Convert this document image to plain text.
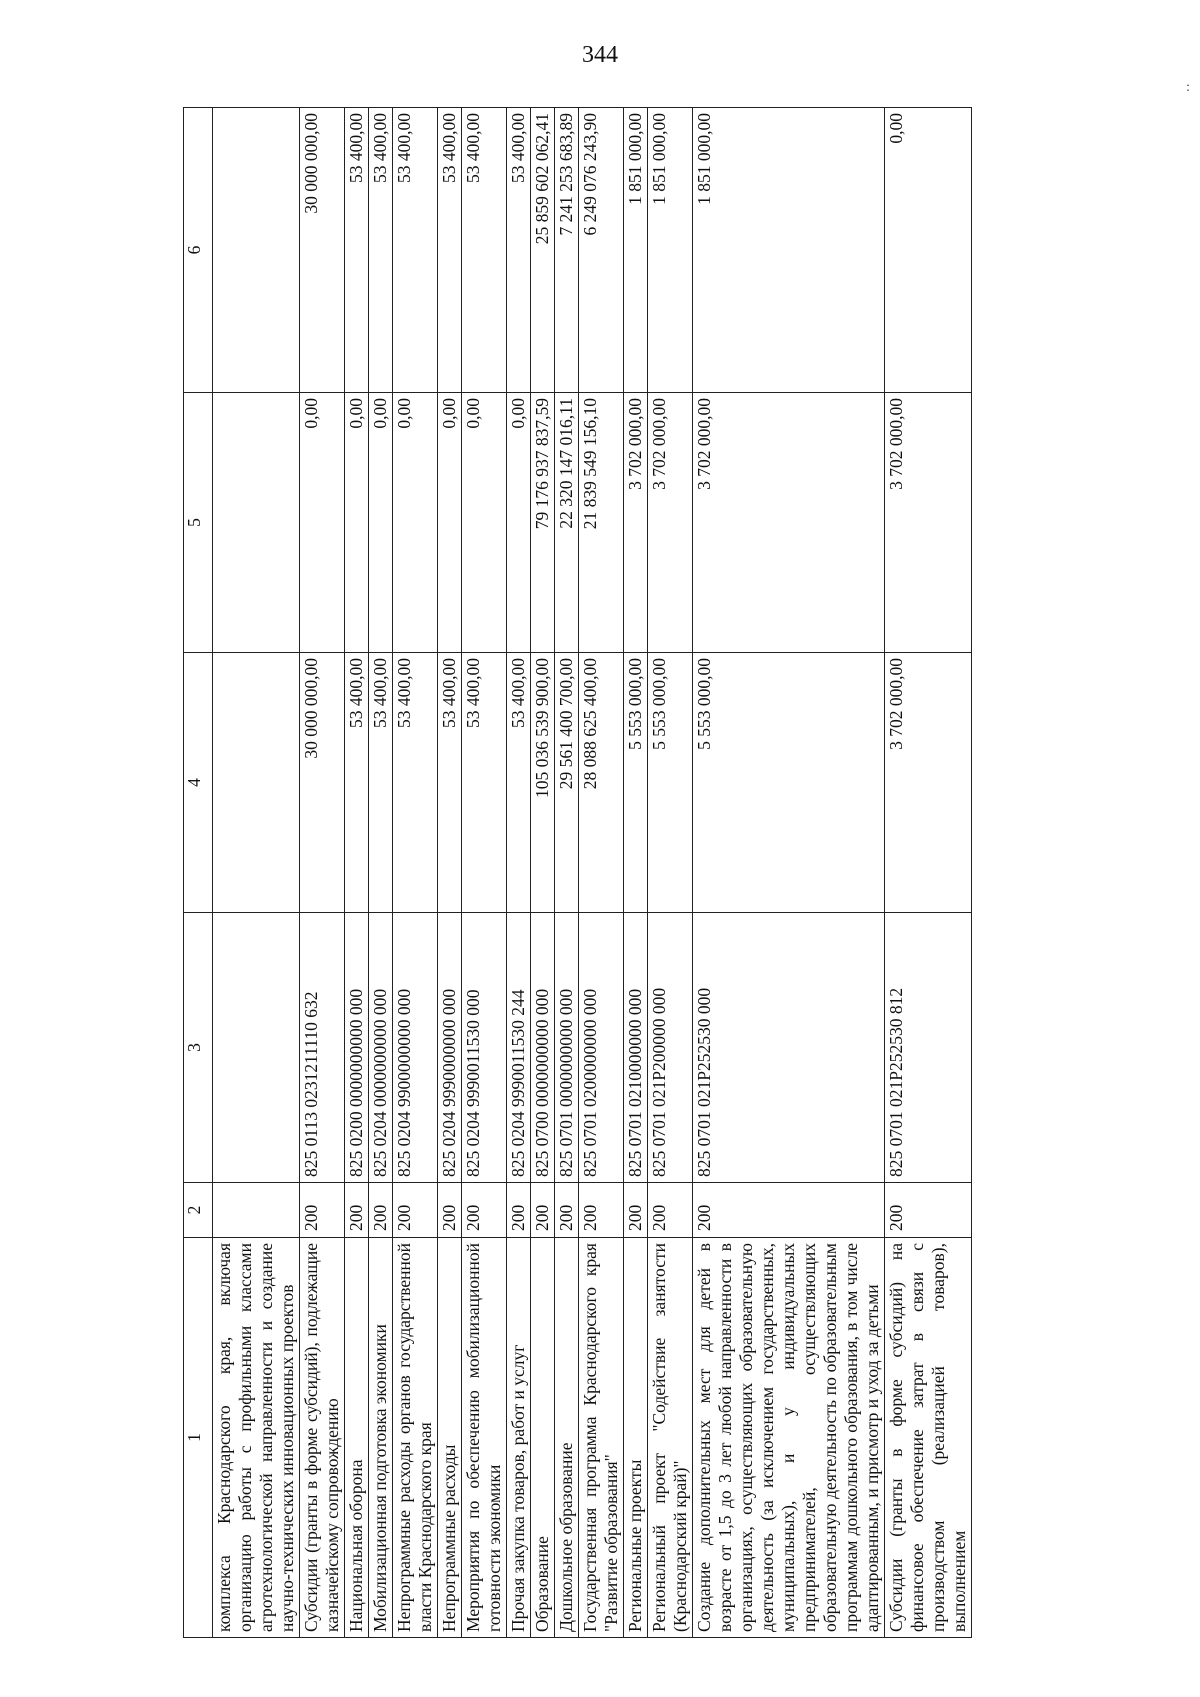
344
:
1	2	3	4	5	6
комплекса Краснодарского края, включая организацию работы с профильными классами агротехнологической направленности и создание научно-технических инновационных проектов					
Субсидии (гранты в форме субсидий), подлежащие казначейскому сопровождению	200	825 0113 0231211110 632	30 000 000,00	0,00	30 000 000,00
Национальная оборона	200	825 0200 0000000000 000	53 400,00	0,00	53 400,00
Мобилизационная подготовка экономики	200	825 0204 0000000000 000	53 400,00	0,00	53 400,00
Непрограммные расходы органов государственной власти Краснодарского края	200	825 0204 9900000000 000	53 400,00	0,00	53 400,00
Непрограммные расходы	200	825 0204 9990000000 000	53 400,00	0,00	53 400,00
Мероприятия по обеспечению мобилизационной готовности экономики	200	825 0204 9990011530 000	53 400,00	0,00	53 400,00
Прочая закупка товаров, работ и услуг	200	825 0204 9990011530 244	53 400,00	0,00	53 400,00
Образование	200	825 0700 0000000000 000	105 036 539 900,00	79 176 937 837,59	25 859 602 062,41
Дошкольное образование	200	825 0701 0000000000 000	29 561 400 700,00	22 320 147 016,11	7 241 253 683,89
Государственная программа Краснодарского края "Развитие образования"	200	825 0701 0200000000 000	28 088 625 400,00	21 839 549 156,10	6 249 076 243,90
Региональные проекты	200	825 0701 0210000000 000	5 553 000,00	3 702 000,00	1 851 000,00
Региональный проект "Содействие занятости (Краснодарский край)"	200	825 0701 021P200000 000	5 553 000,00	3 702 000,00	1 851 000,00
Создание дополнительных мест для детей в возрасте от 1,5 до 3 лет любой направленности в организациях, осуществляющих образовательную деятельность (за исключением государственных, муниципальных), и у индивидуальных предпринимателей, осуществляющих образовательную деятельность по образовательным программам дошкольного образования, в том числе адаптированным, и присмотр и уход за детьми	200	825 0701 021P252530 000	5 553 000,00	3 702 000,00	1 851 000,00
Субсидии (гранты в форме субсидий) на финансовое обеспечение затрат в связи с производством (реализацией товаров), выполнением	200	825 0701 021P252530 812	3 702 000,00	3 702 000,00	0,00
